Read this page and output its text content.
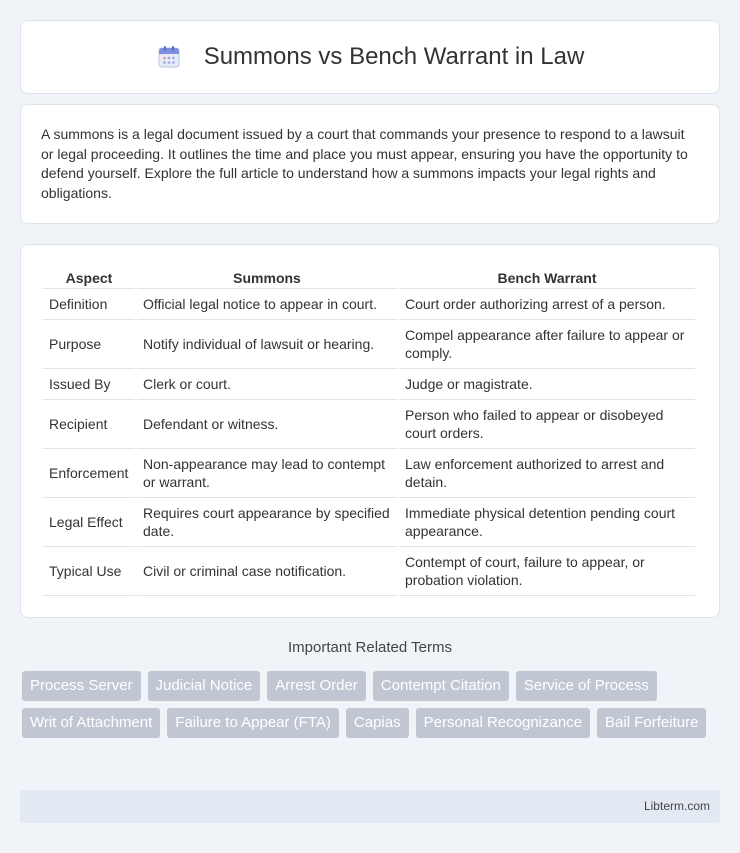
Summons vs Bench Warrant in Law

A summons is a legal document issued by a court that commands your presence to respond to a lawsuit or legal proceeding. It outlines the time and place you must appear, ensuring you have the opportunity to defend yourself. Explore the full article to understand how a summons impacts your legal rights and obligations.

Aspect	Summons	Bench Warrant
Definition	Official legal notice to appear in court.	Court order authorizing arrest of a person.
Purpose	Notify individual of lawsuit or hearing.	Compel appearance after failure to appear or comply.
Issued By	Clerk or court.	Judge or magistrate.
Recipient	Defendant or witness.	Person who failed to appear or disobeyed court orders.
Enforcement	Non-appearance may lead to contempt or warrant.	Law enforcement authorized to arrest and detain.
Legal Effect	Requires court appearance by specified date.	Immediate physical detention pending court appearance.
Typical Use	Civil or criminal case notification.	Contempt of court, failure to appear, or probation violation.
Important Related Terms
Process Server	Judicial Notice	Arrest Order	Contempt Citation	Service of Process
Writ of Attachment	Failure to Appear (FTA)	Capias	Personal Recognizance	Bail Forfeiture
Libterm.com
